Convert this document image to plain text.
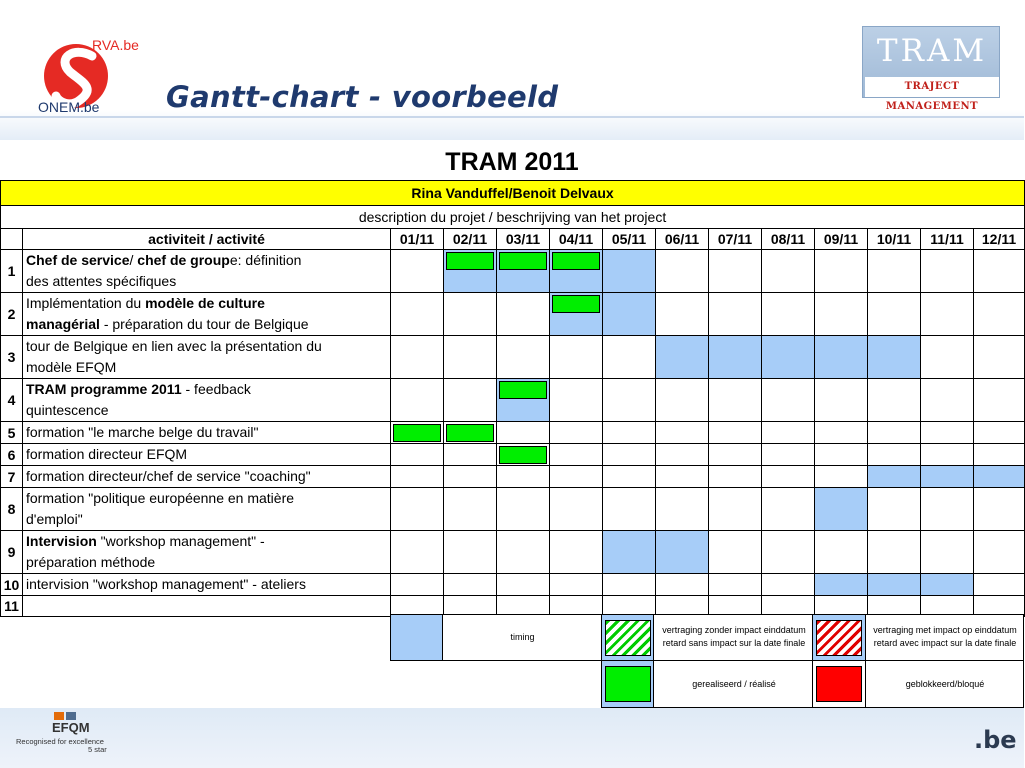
RVA.be
ONEM.be Gantt-chart - voorbeeld
TRAM
TRAJECT MANAGEMENT
TRAM 2011
Rina Vanduffel/Benoit Delvaux													
description du projet / beschrijving van het project													
	activiteit / activité	01/11	02/11	03/11	04/11	05/11	06/11	07/11	08/11	09/11	10/11	11/11	12/11
1	Chef de service/ chef de groupe: définition
des attentes spécifiques												

2	Implémentation du modèle de culture
managérial - préparation du tour de Belgique												

3	tour de Belgique en lien avec la présentation du
modèle EFQM												

4	TRAM programme 2011 - feedback
quintescence												

5	formation "le marche belge du travail"												

6	formation directeur EFQM												

7	formation directeur/chef de service "coaching"												

8	formation "politique européenne en matière
d'emploi"												

9	Intervision "workshop management" -
préparation méthode												

10	intervision "workshop management" - ateliers												

11	

timing
vertraging zonder impact einddatum
retard sans impact sur la date finale
vertraging met impact op einddatum
retard avec impact sur la date finale
gerealiseerd / réalisé	geblokkeerd/bloqué
EFQM
Recognised for excellence
5 star	.be
